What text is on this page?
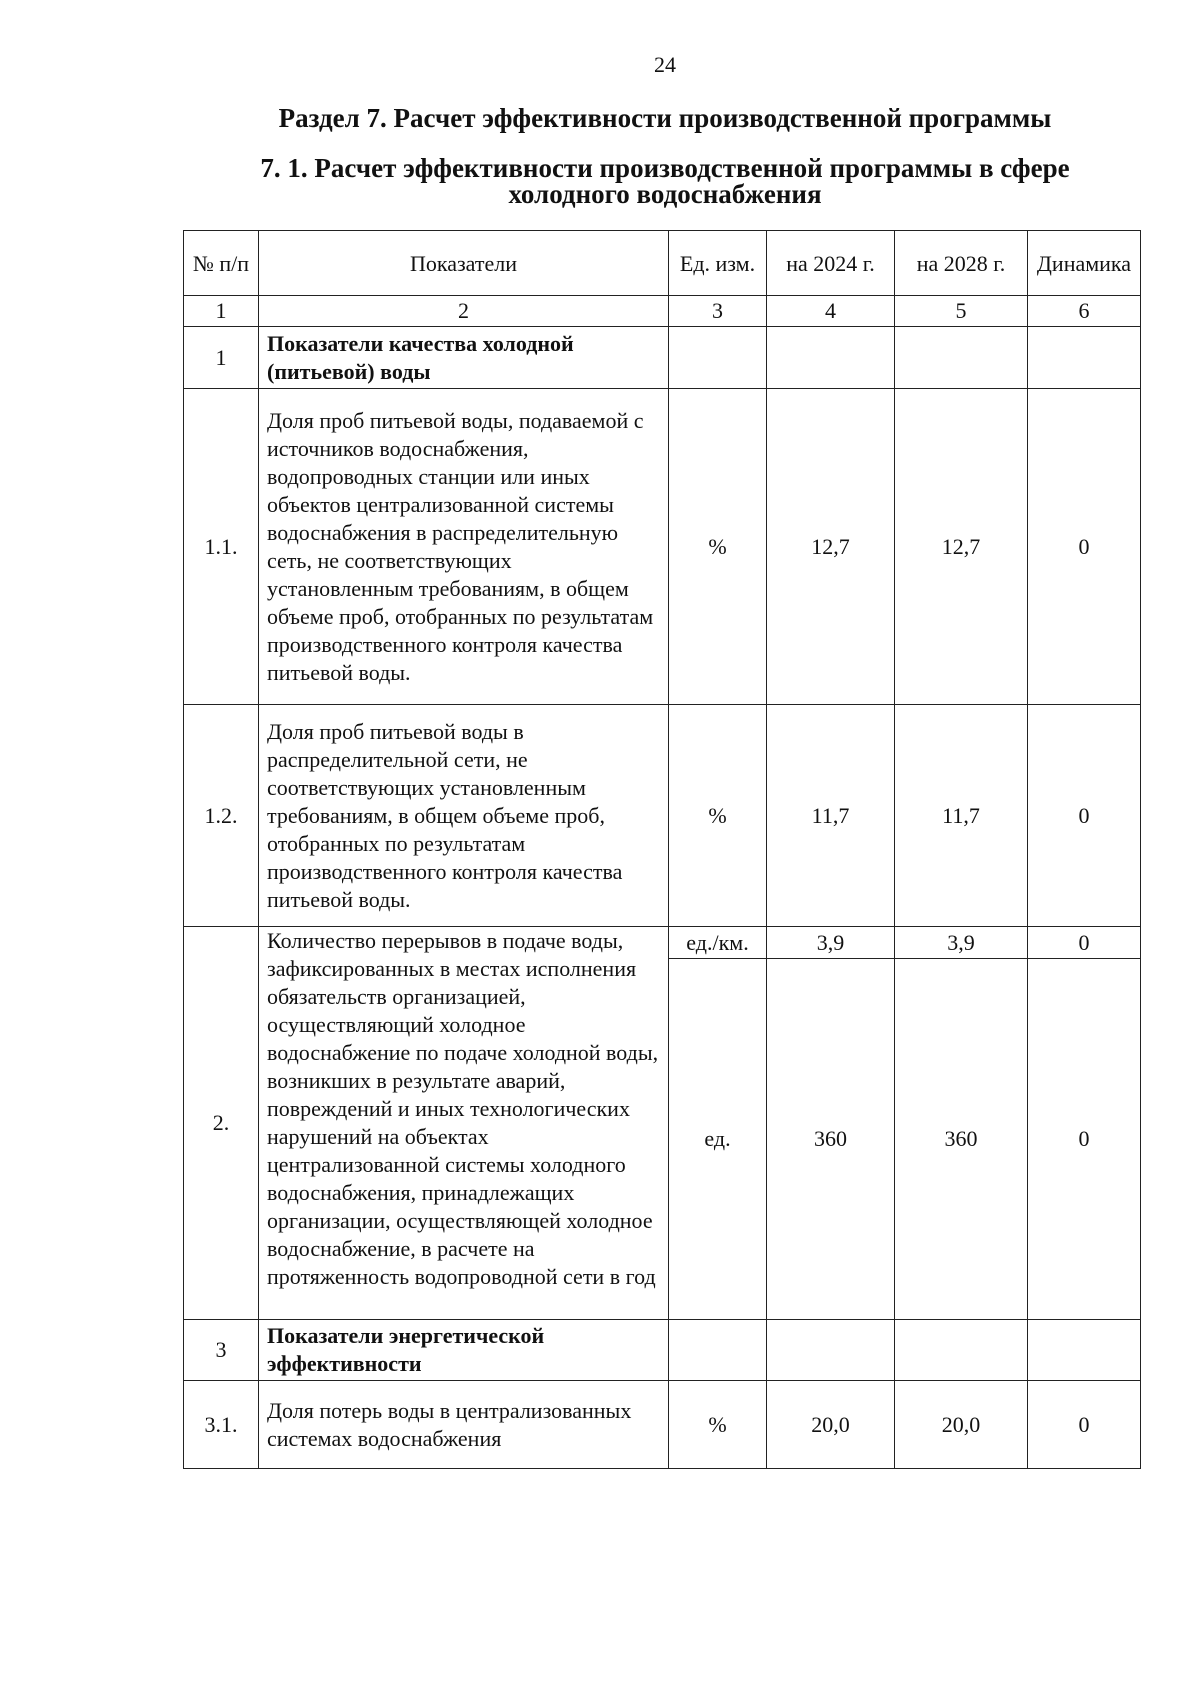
24
Раздел 7. Расчет эффективности производственной программы
7. 1. Расчет эффективности производственной программы в сфере
холодного водоснабжения
№ п/п	Показатели	Ед. изм.	на 2024 г.	на 2028 г.	Динамика
1	2	3	4	5	6
1	Показатели качества холодной (питьевой) воды				
1.1.	Доля проб питьевой воды, подаваемой с источников водоснабжения, водопроводных станции или иных объектов централизованной системы водоснабжения в распределительную сеть, не соответствующих установленным требованиям, в общем объеме проб, отобранных по результатам производственного контроля качества питьевой воды.	%	12,7	12,7	0
1.2.	Доля проб питьевой воды в распределительной сети, не соответствующих установленным требованиям, в общем объеме проб, отобранных по результатам производственного контроля качества питьевой воды.	%	11,7	11,7	0
2.	Количество перерывов в подаче воды, зафиксированных в местах исполнения обязательств организацией, осуществляющий холодное водоснабжение по подаче холодной воды, возникших в результате аварий, повреждений и иных технологических нарушений на объектах централизованной системы холодного водоснабжения, принадлежащих организации, осуществляющей холодное водоснабжение, в расчете на протяженность водопроводной сети в год	ед./км.	3,9	3,9	0
		ед.	360	360	0
3	Показатели энергетической эффективности				
3.1.	Доля потерь воды в централизованных системах водоснабжения	%	20,0	20,0	0
